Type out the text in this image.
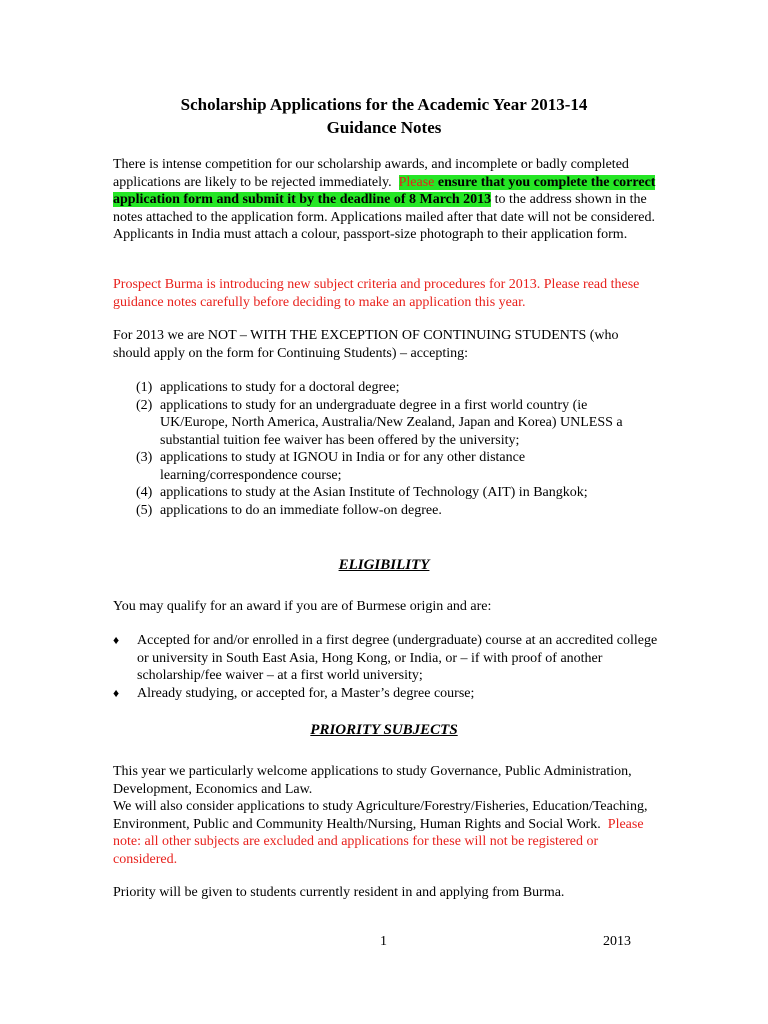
Scholarship Applications for the Academic Year 2013-14
Guidance Notes
There is intense competition for our scholarship awards, and incomplete or badly completed applications are likely to be rejected immediately. Please ensure that you complete the correct application form and submit it by the deadline of 8 March 2013 to the address shown in the notes attached to the application form. Applications mailed after that date will not be considered. Applicants in India must attach a colour, passport-size photograph to their application form.
Prospect Burma is introducing new subject criteria and procedures for 2013. Please read these guidance notes carefully before deciding to make an application this year.
For 2013 we are NOT – WITH THE EXCEPTION OF CONTINUING STUDENTS (who should apply on the form for Continuing Students) – accepting:
(1) applications to study for a doctoral degree;
(2) applications to study for an undergraduate degree in a first world country (ie UK/Europe, North America, Australia/New Zealand, Japan and Korea) UNLESS a substantial tuition fee waiver has been offered by the university;
(3) applications to study at IGNOU in India or for any other distance learning/correspondence course;
(4) applications to study at the Asian Institute of Technology (AIT) in Bangkok;
(5) applications to do an immediate follow-on degree.
ELIGIBILITY
You may qualify for an award if you are of Burmese origin and are:
♦ Accepted for and/or enrolled in a first degree (undergraduate) course at an accredited college or university in South East Asia, Hong Kong, or India, or – if with proof of another scholarship/fee waiver – at a first world university;
♦ Already studying, or accepted for, a Master’s degree course;
PRIORITY SUBJECTS
This year we particularly welcome applications to study Governance, Public Administration, Development, Economics and Law.
We will also consider applications to study Agriculture/Forestry/Fisheries, Education/Teaching, Environment, Public and Community Health/Nursing, Human Rights and Social Work. Please note: all other subjects are excluded and applications for these will not be registered or considered.
Priority will be given to students currently resident in and applying from Burma.
1	2013
